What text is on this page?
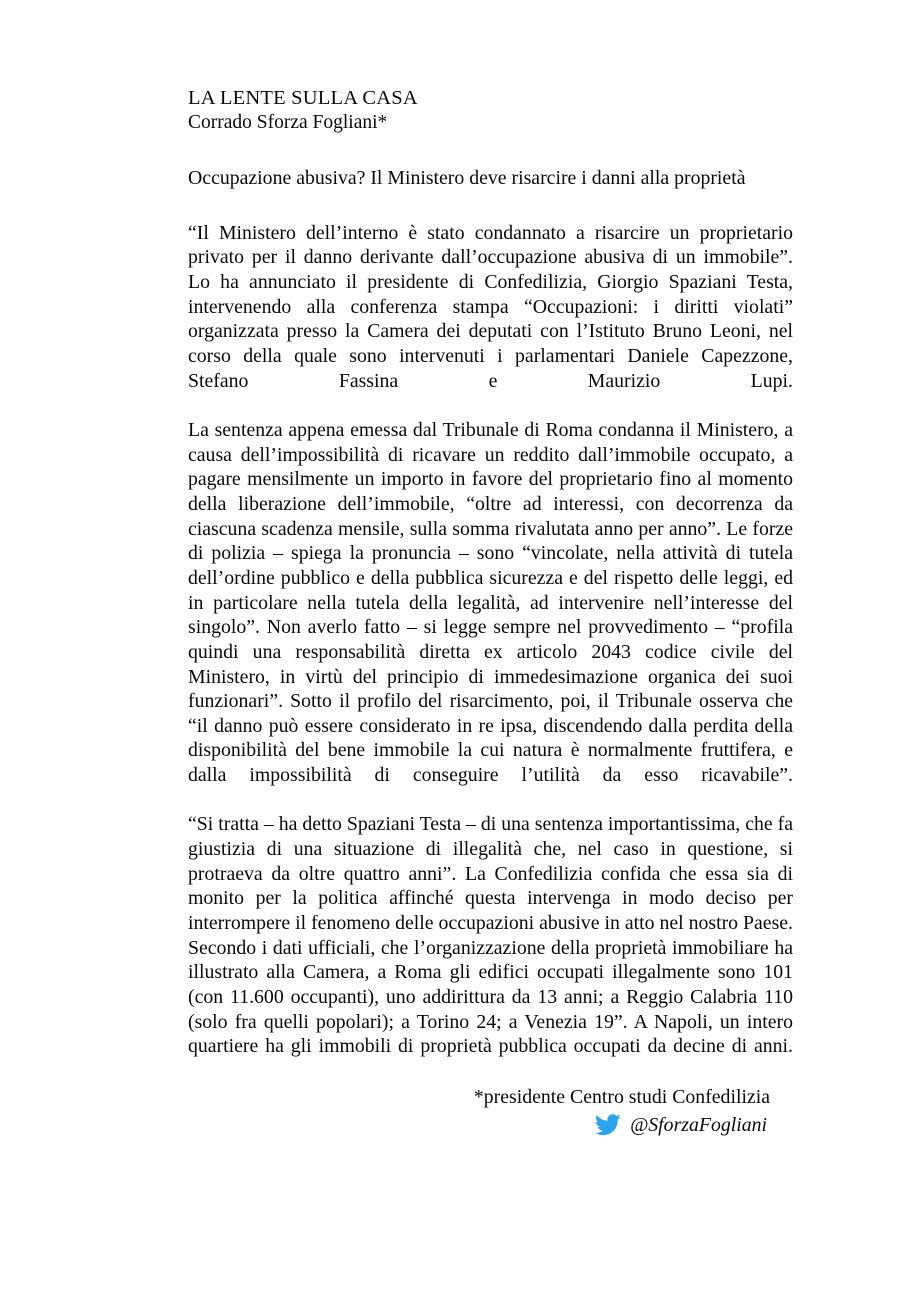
LA LENTE SULLA CASA
Corrado Sforza Fogliani*
Occupazione abusiva? Il Ministero deve risarcire i danni alla proprietà

“Il Ministero dell’interno è stato condannato a risarcire un proprietario privato per il danno derivante dall’occupazione abusiva di un immobile”. Lo ha annunciato il presidente di Confedilizia, Giorgio Spaziani Testa, intervenendo alla conferenza stampa “Occupazioni: i diritti violati” organizzata presso la Camera dei deputati con l’Istituto Bruno Leoni, nel corso della quale sono intervenuti i parlamentari Daniele Capezzone, Stefano Fassina e Maurizio Lupi.

La sentenza appena emessa dal Tribunale di Roma condanna il Ministero, a causa dell’impossibilità di ricavare un reddito dall’immobile occupato, a pagare mensilmente un importo in favore del proprietario fino al momento della liberazione dell’immobile, “oltre ad interessi, con decorrenza da ciascuna scadenza mensile, sulla somma rivalutata anno per anno”. Le forze di polizia – spiega la pronuncia – sono “vincolate, nella attività di tutela dell’ordine pubblico e della pubblica sicurezza e del rispetto delle leggi, ed in particolare nella tutela della legalità, ad intervenire nell’interesse del singolo”. Non averlo fatto – si legge sempre nel provvedimento – “profila quindi una responsabilità diretta ex articolo 2043 codice civile del Ministero, in virtù del principio di immedesimazione organica dei suoi funzionari”. Sotto il profilo del risarcimento, poi, il Tribunale osserva che “il danno può essere considerato in re ipsa, discendendo dalla perdita della disponibilità del bene immobile la cui natura è normalmente fruttifera, e dalla impossibilità di conseguire l’utilità da esso ricavabile”.

“Si tratta – ha detto Spaziani Testa – di una sentenza importantissima, che fa giustizia di una situazione di illegalità che, nel caso in questione, si protraeva da oltre quattro anni”. La Confedilizia confida che essa sia di monito per la politica affinché questa intervenga in modo deciso per interrompere il fenomeno delle occupazioni abusive in atto nel nostro Paese. Secondo i dati ufficiali, che l’organizzazione della proprietà immobiliare ha illustrato alla Camera, a Roma gli edifici occupati illegalmente sono 101 (con 11.600 occupanti), uno addirittura da 13 anni; a Reggio Calabria 110 (solo fra quelli popolari); a Torino 24; a Venezia 19”. A Napoli, un intero quartiere ha gli immobili di proprietà pubblica occupati da decine di anni.

*presidente Centro studi Confedilizia
@SforzaFogliani
